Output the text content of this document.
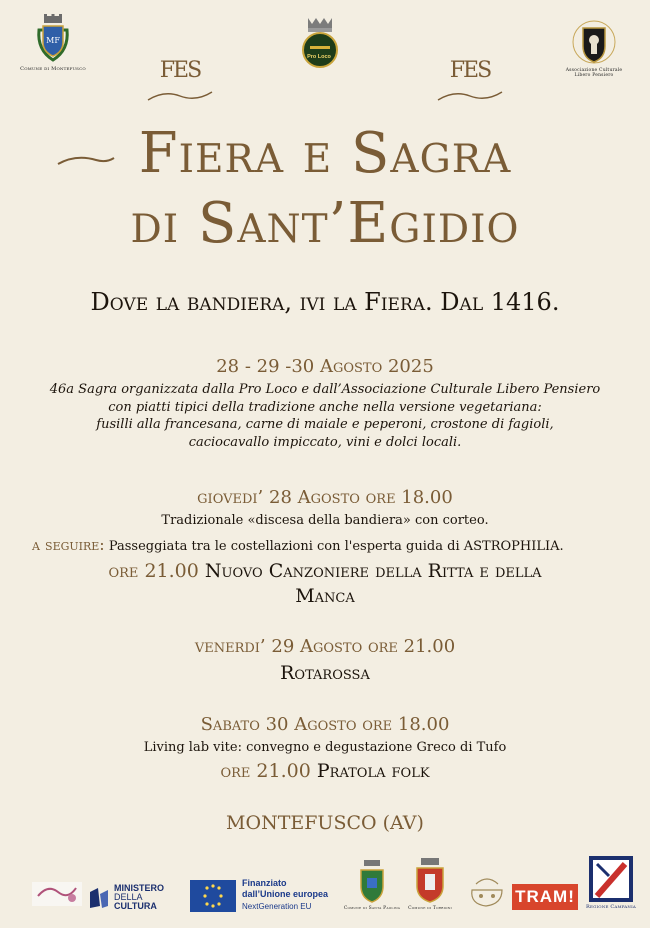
MF
Comune di Montefusco
Pro Loco
Associazione Culturale Libero Pensiero
FES	FES
Fiera e Sagra
di Sant’Egidio
Dove la bandiera, ivi la Fiera. Dal 1416.
28 - 29 -30 Agosto 2025
46a Sagra organizzata dalla Pro Loco e dall’Associazione Culturale Libero Pensiero
con piatti tipici della tradizione anche nella versione vegetariana:
fusilli alla francesana, carne di maiale e peperoni, crostone di fagioli,
caciocavallo impiccato, vini e dolci locali.
giovedi’ 28 Agosto ore 18.00
Tradizionale «discesa della bandiera» con corteo.
a seguire: Passeggiata tra le costellazioni con l'esperta guida di ASTROPHILIA.
ore 21.00 Nuovo Canzoniere della Ritta e della
Manca
venerdi’ 29 Agosto ore 21.00
Rotarossa
Sabato 30 Agosto ore 18.00
Living lab vite: convegno e degustazione Greco di Tufo
ore 21.00 Pratola folk
MONTEFUSCO (AV)
MINISTERO
DELLA
CULTURA
Finanziato
dall’Unione europea
NextGeneration EU	Comune di Santa Paolina Comune di Torrioni
TRAM!
Regione Campania
